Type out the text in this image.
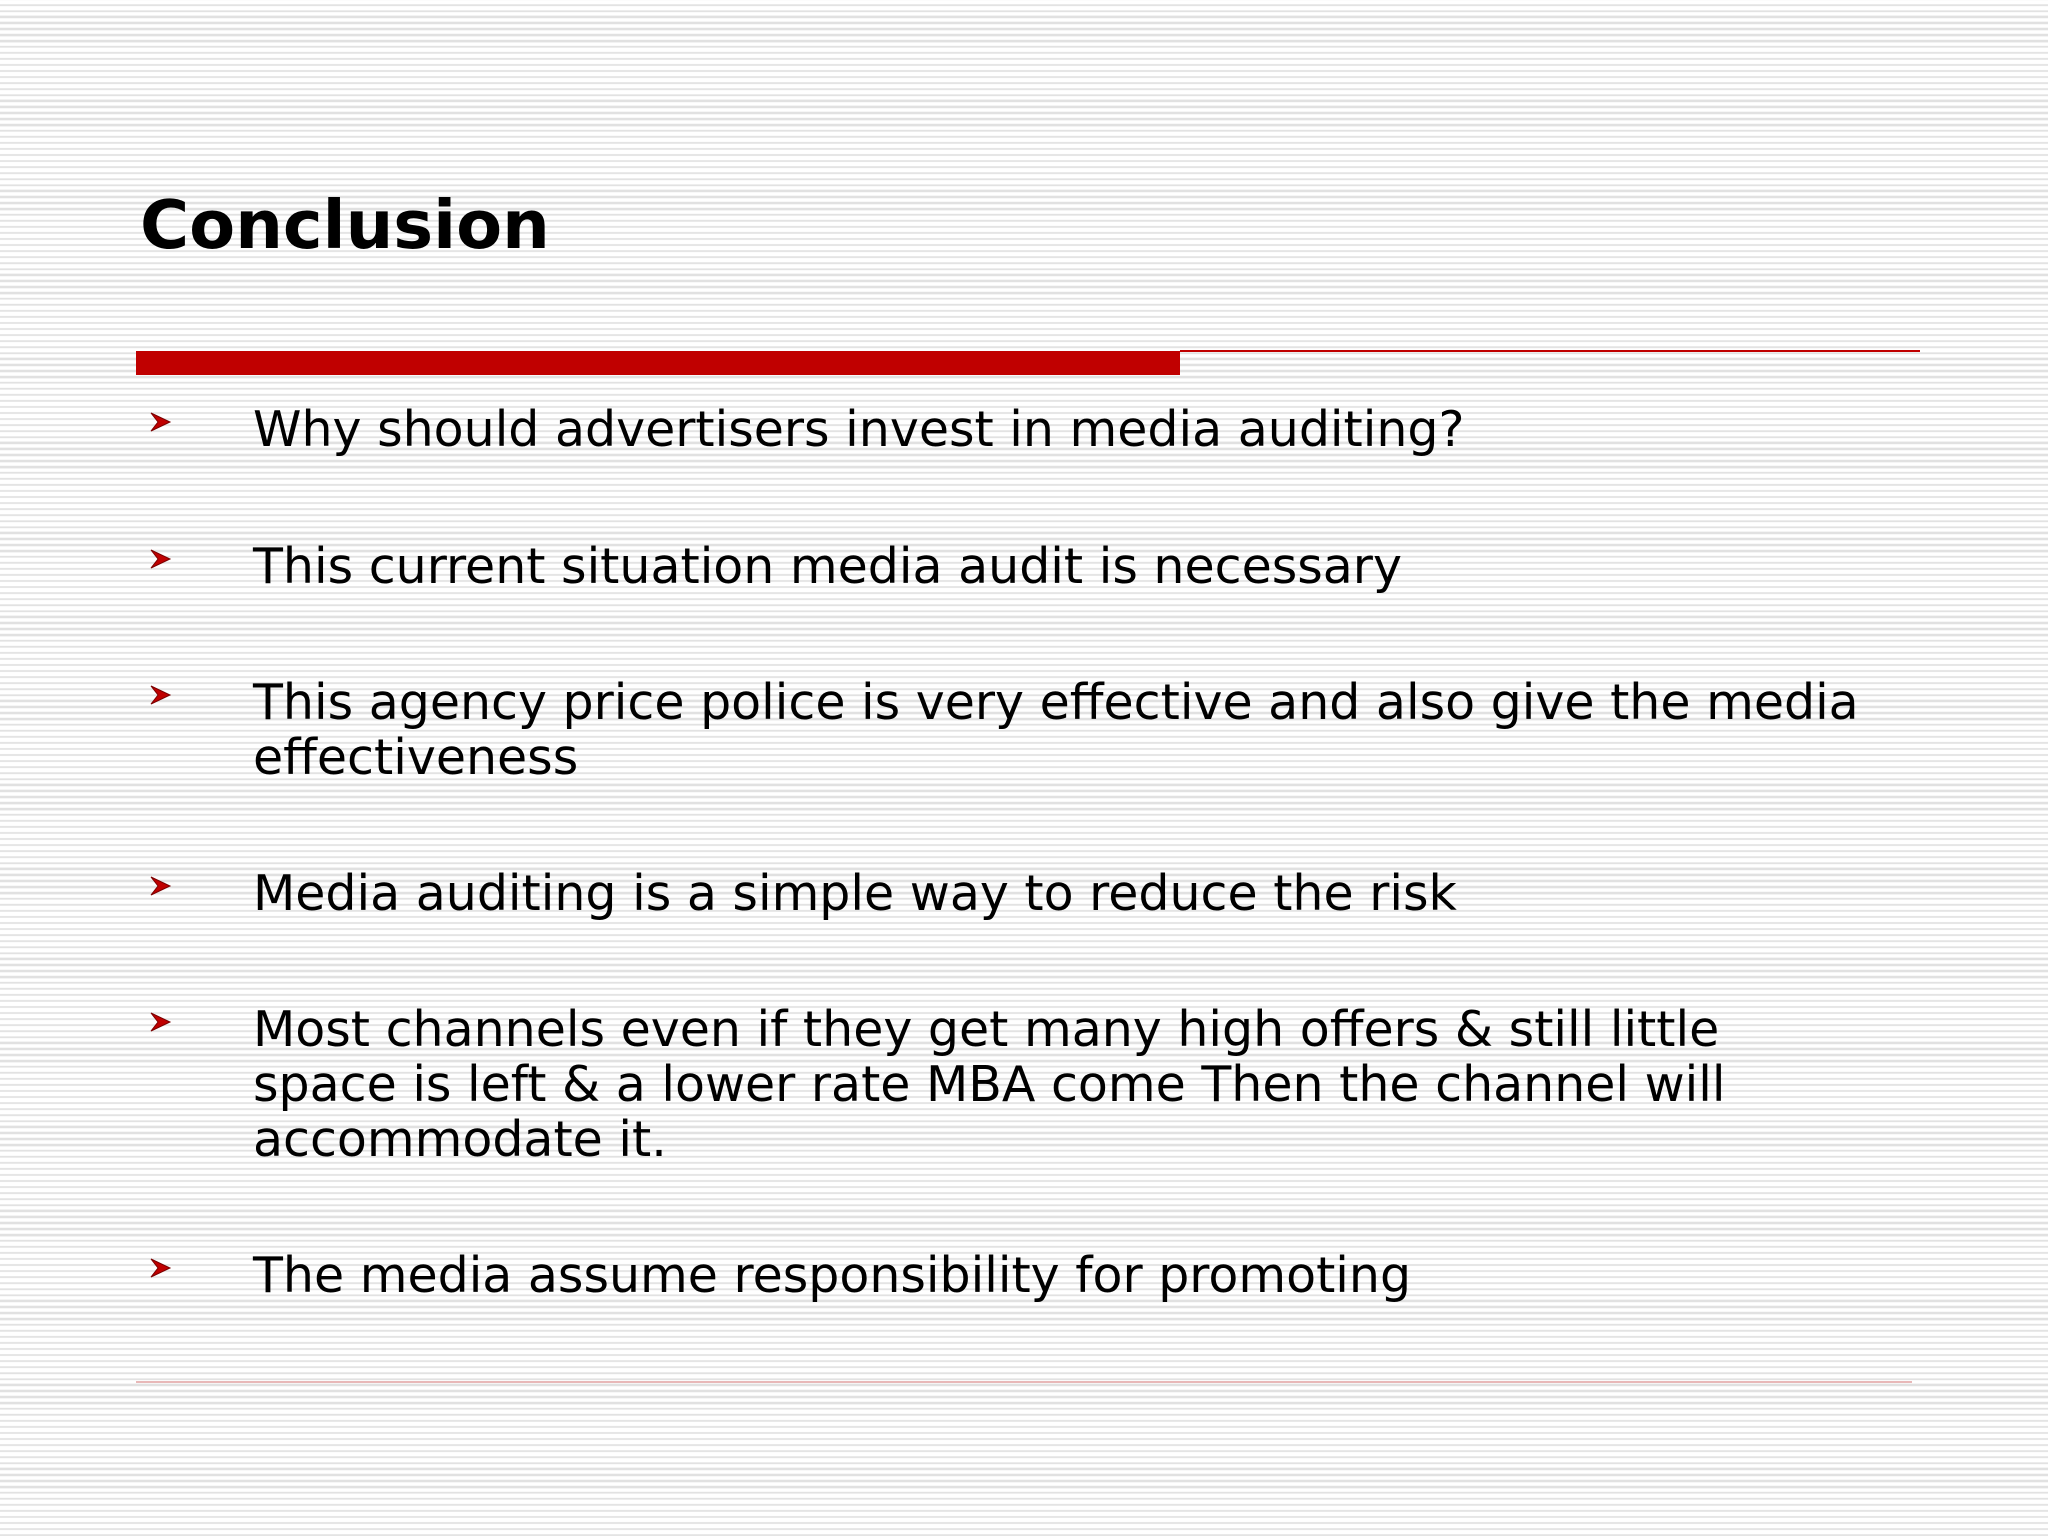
Conclusion
Why should advertisers invest in media auditing?
This current situation media audit is necessary
This agency price police is very effective and also give the media
effectiveness
Media auditing is a simple way to reduce the risk
Most channels even if they get many high offers & still little
space is left & a lower rate MBA come Then the channel will
accommodate it.
The media assume responsibility for promoting
